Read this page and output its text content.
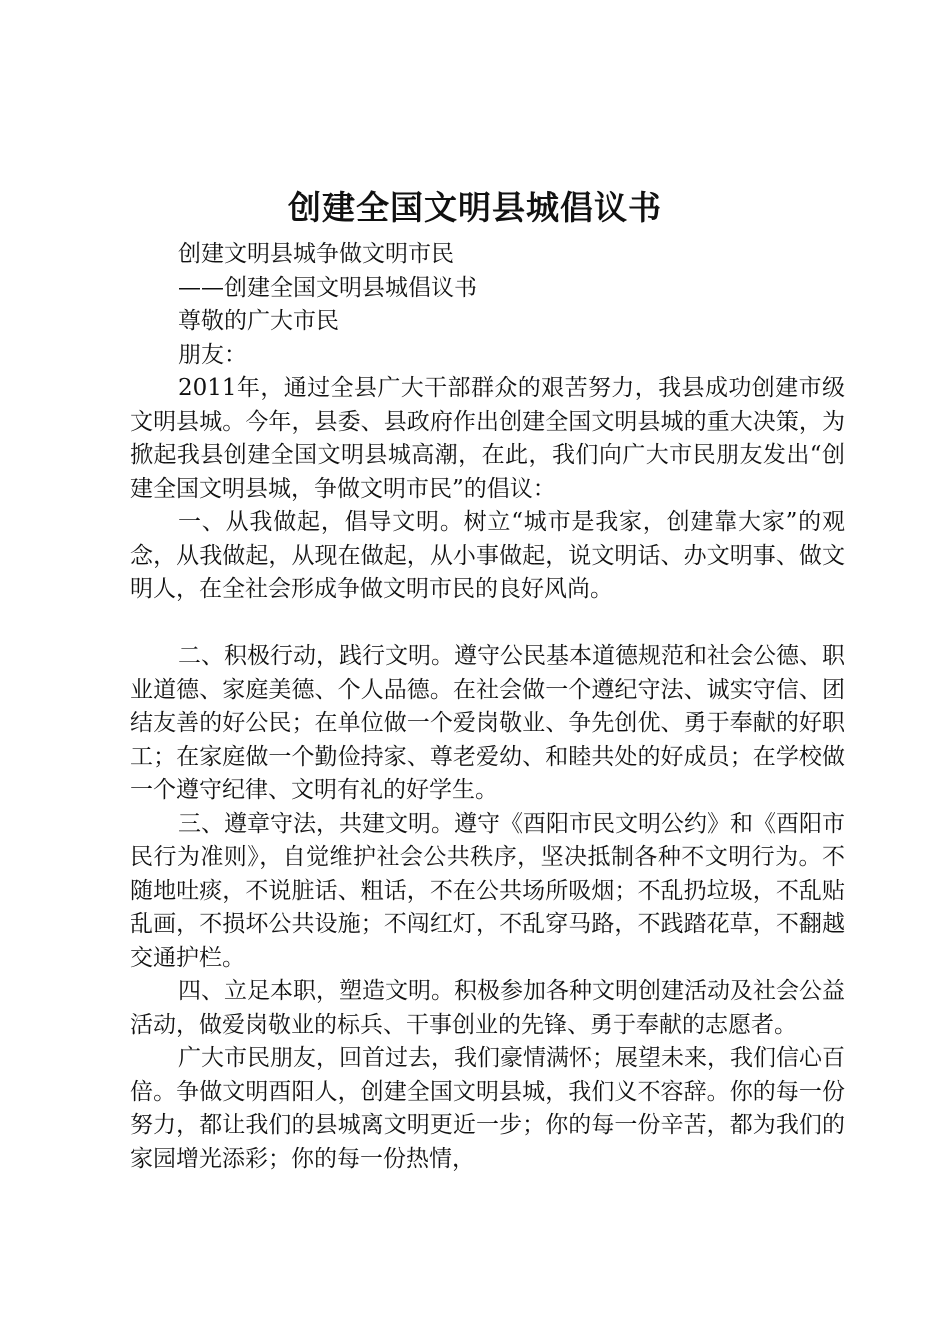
创建全国文明县城倡议书

创建文明县城争做文明市民

——创建全国文明县城倡议书

尊敬的广大市民

朋友：

2011年，通过全县广大干部群众的艰苦努力，我县成功创建市级文明县城。今年，县委、县政府作出创建全国文明县城的重大决策，为掀起我县创建全国文明县城高潮，在此，我们向广大市民朋友发出“创建全国文明县城，争做文明市民”的倡议：

一、从我做起，倡导文明。树立“城市是我家，创建靠大家”的观念，从我做起，从现在做起，从小事做起，说文明话、办文明事、做文明人，在全社会形成争做文明市民的良好风尚。

二、积极行动，践行文明。遵守公民基本道德规范和社会公德、职业道德、家庭美德、个人品德。在社会做一个遵纪守法、诚实守信、团结友善的好公民；在单位做一个爱岗敬业、争先创优、勇于奉献的好职工；在家庭做一个勤俭持家、尊老爱幼、和睦共处的好成员；在学校做一个遵守纪律、文明有礼的好学生。

三、遵章守法，共建文明。遵守《酉阳市民文明公约》和《酉阳市民行为准则》，自觉维护社会公共秩序，坚决抵制各种不文明行为。不随地吐痰，不说脏话、粗话，不在公共场所吸烟；不乱扔垃圾，不乱贴乱画，不损坏公共设施；不闯红灯，不乱穿马路，不践踏花草，不翻越交通护栏。

四、立足本职，塑造文明。积极参加各种文明创建活动及社会公益活动，做爱岗敬业的标兵、干事创业的先锋、勇于奉献的志愿者。

广大市民朋友，回首过去，我们豪情满怀；展望未来，我们信心百倍。争做文明酉阳人，创建全国文明县城，我们义不容辞。你的每一份努力，都让我们的县城离文明更近一步；你的每一份辛苦，都为我们的家园增光添彩；你的每一份热情，
